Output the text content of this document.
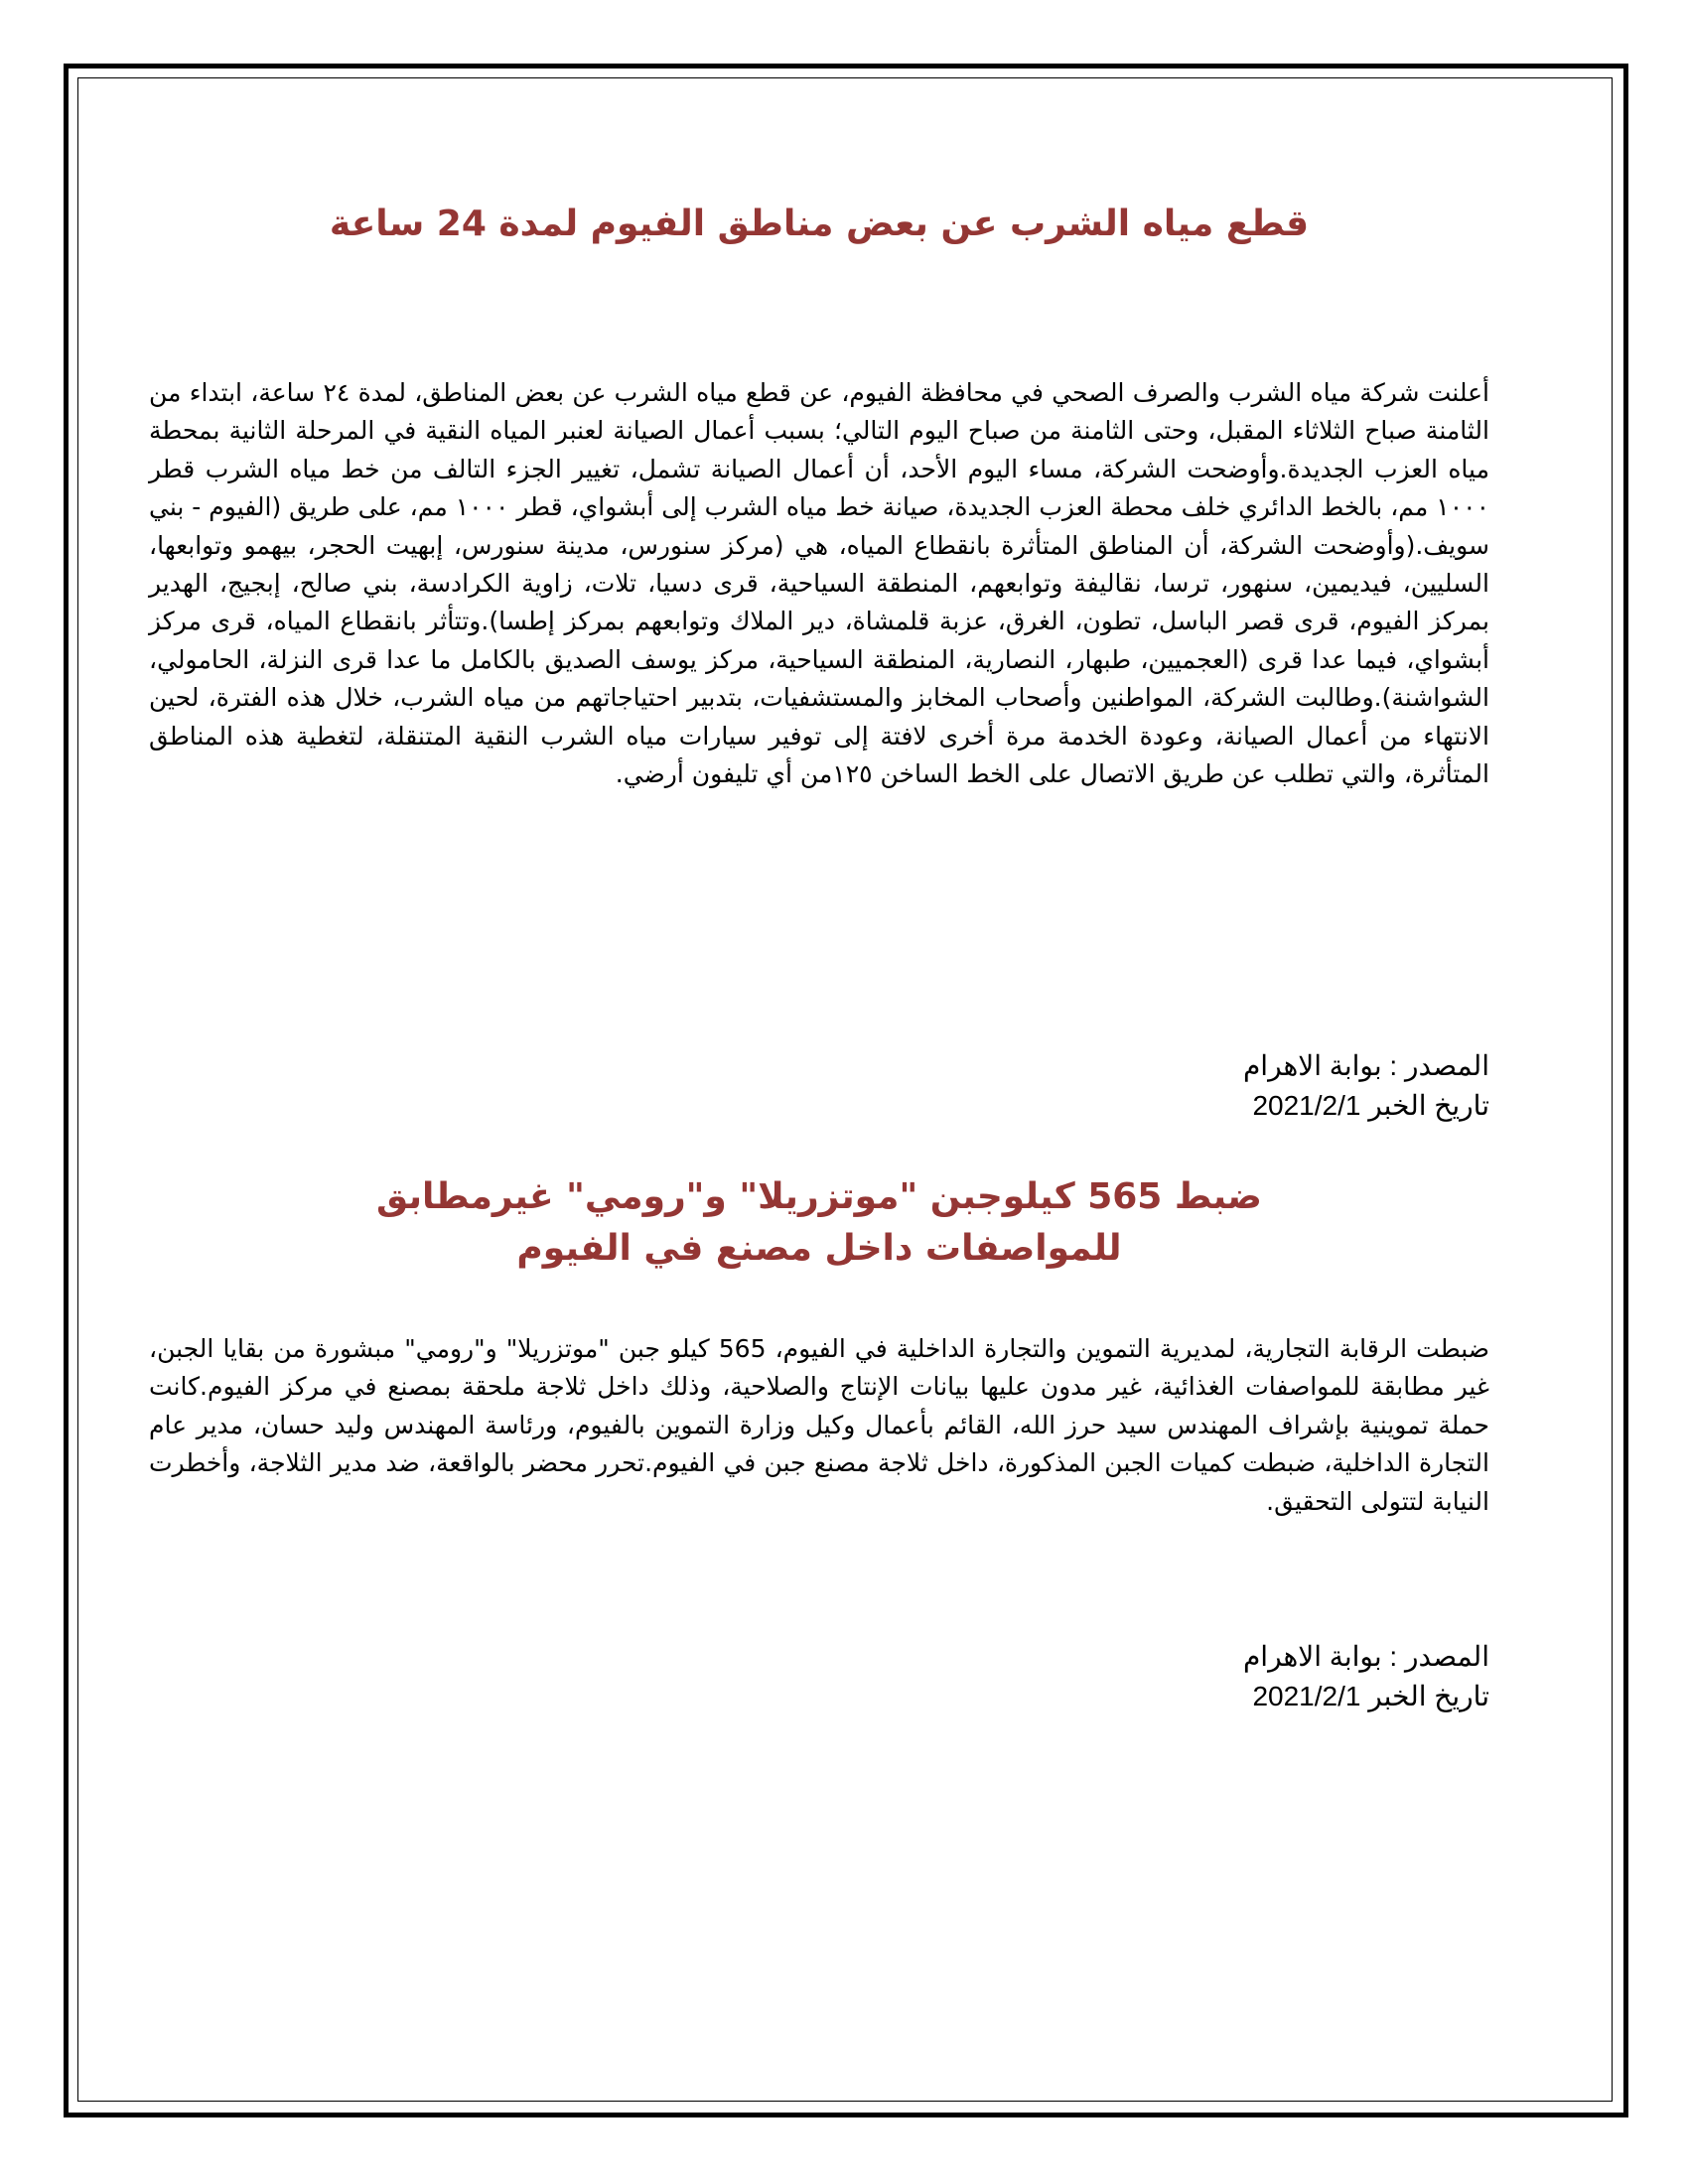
قطع مياه الشرب عن بعض مناطق الفيوم لمدة 24 ساعة

أعلنت شركة مياه الشرب والصرف الصحي في محافظة الفيوم، عن قطع مياه الشرب عن بعض المناطق، لمدة ٢٤ ساعة، ابتداء من الثامنة صباح الثلاثاء المقبل، وحتى الثامنة من صباح اليوم التالي؛ بسبب أعمال الصيانة لعنبر المياه النقية في المرحلة الثانية بمحطة مياه العزب الجديدة.وأوضحت الشركة، مساء اليوم الأحد، أن أعمال الصيانة تشمل، تغيير الجزء التالف من خط مياه الشرب قطر ١٠٠٠ مم، بالخط الدائري خلف محطة العزب الجديدة، صيانة خط مياه الشرب إلى أبشواي، قطر ١٠٠٠ مم، على طريق (الفيوم - بني سويف.(وأوضحت الشركة، أن المناطق المتأثرة بانقطاع المياه، هي (مركز سنورس، مدينة سنورس، إبهيت الحجر، بيهمو وتوابعها، السليين، فيديمين، سنهور، ترسا، نقاليفة وتوابعهم، المنطقة السياحية، قرى دسيا، تلات، زاوية الكرادسة، بني صالح، إبجيج، الهدير بمركز الفيوم، قرى قصر الباسل، تطون، الغرق، عزبة قلمشاة، دير الملاك وتوابعهم بمركز إطسا).وتتأثر بانقطاع المياه، قرى مركز أبشواي، فيما عدا قرى (العجميين، طبهار، النصارية، المنطقة السياحية، مركز يوسف الصديق بالكامل ما عدا قرى النزلة، الحامولي، الشواشنة).وطالبت الشركة، المواطنين وأصحاب المخابز والمستشفيات، بتدبير احتياجاتهم من مياه الشرب، خلال هذه الفترة، لحين الانتهاء من أعمال الصيانة، وعودة الخدمة مرة أخرى لافتة إلى توفير سيارات مياه الشرب النقية المتنقلة، لتغطية هذه المناطق المتأثرة، والتي تطلب عن طريق الاتصال على الخط الساخن ١٢٥من أي تليفون أرضي.

المصدر : بوابة الاهرام

تاريخ الخبر 2021/2/1

ضبط 565 كيلوجبن "موتزريلا" و"رومي" غيرمطابق للمواصفات داخل مصنع في الفيوم

ضبطت الرقابة التجارية، لمديرية التموين والتجارة الداخلية في الفيوم، 565 كيلو جبن "موتزريلا" و"رومي" مبشورة من بقايا الجبن، غير مطابقة للمواصفات الغذائية، غير مدون عليها بيانات الإنتاج والصلاحية، وذلك داخل ثلاجة ملحقة بمصنع في مركز الفيوم.كانت حملة تموينية بإشراف المهندس سيد حرز الله، القائم بأعمال وكيل وزارة التموين بالفيوم، ورئاسة المهندس وليد حسان، مدير عام التجارة الداخلية، ضبطت كميات الجبن المذكورة، داخل ثلاجة مصنع جبن في الفيوم.تحرر محضر بالواقعة، ضد مدير الثلاجة، وأخطرت النيابة لتتولى التحقيق.

المصدر : بوابة الاهرام

تاريخ الخبر 2021/2/1
